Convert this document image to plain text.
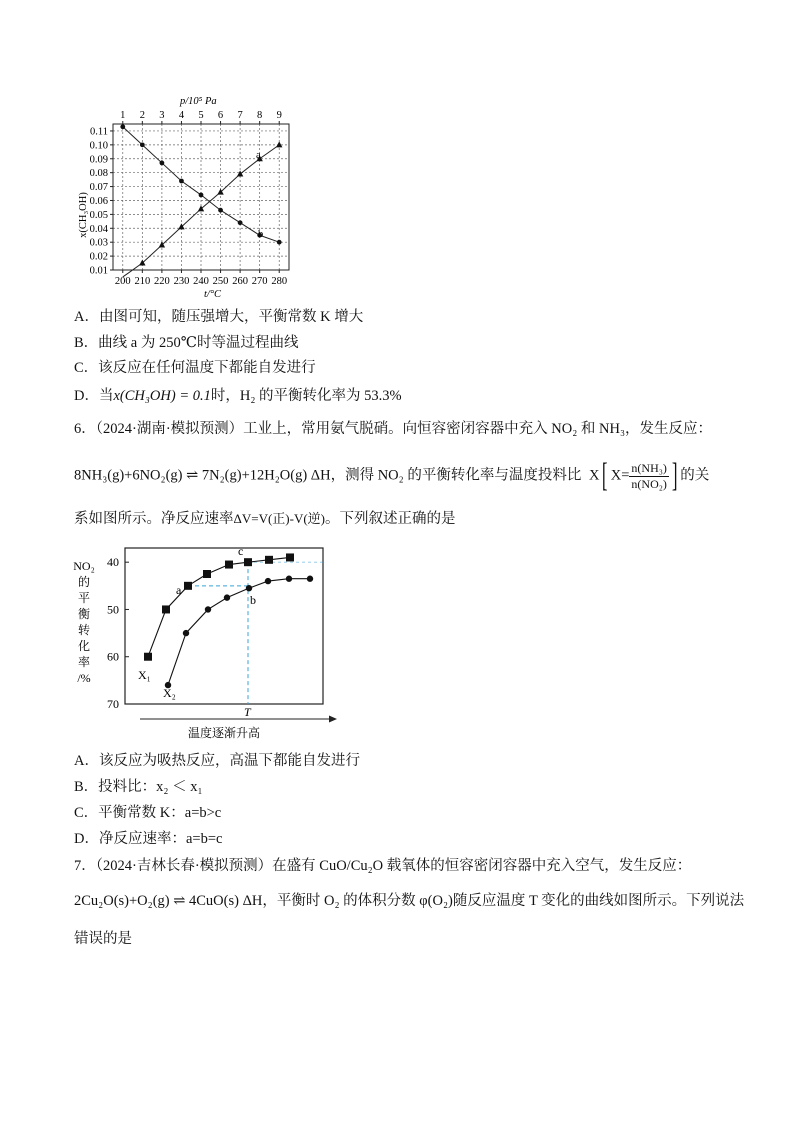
200
1
210
2
220
3
230
4
240
5
250
6
260
7
270
8
280
9
0.11
0.10
0.09
0.08
0.07
0.06
0.05
0.04
0.03
0.02
0.01
p/10⁵ Pa
x(CH₃OH)
t/°C
a
b
A．由图可知，随压强增大，平衡常数 K 增大
B．曲线 a 为 250℃时等温过程曲线
C．该反应在任何温度下都能自发进行
D．当x(CH₃OH) = 0.1时，H₂ 的平衡转化率为 53.3%
6．（2024·湖南·模拟预测）工业上，常用氨气脱硝。向恒容密闭容器中充入 NO₂ 和 NH₃，发生反应：
8NH₃(g)+6NO₂(g) ⇌ 7N₂(g)+12H₂O(g) ΔH，测得 NO₂ 的平衡转化率与温度投料比 X[ $X= \frac{\text{n(NH₃)}}{\text{n(NO₂)}}$ ] 的关
系如图所示。净反应速率ΔV=V(正)-V(逆)。下列叙述正确的是
40
50
60
70
NO₂
的
平
衡
转
化
率
/%
a
b
c
T
X₁
X₂
温度逐渐升高
A．该反应为吸热反应，高温下都能自发进行
B．投料比：x₂ ＜ x₁
C．平衡常数 K：a=b>c
D．净反应速率：a=b=c
7．（2024·吉林长春·模拟预测）在盛有 CuO/Cu₂O 载氧体的恒容密闭容器中充入空气，发生反应：
2Cu₂O(s)+O₂(g) ⇌ 4CuO(s) ΔH，平衡时 O₂ 的体积分数 φ(O₂)随反应温度 T 变化的曲线如图所示。下列说法
错误的是
